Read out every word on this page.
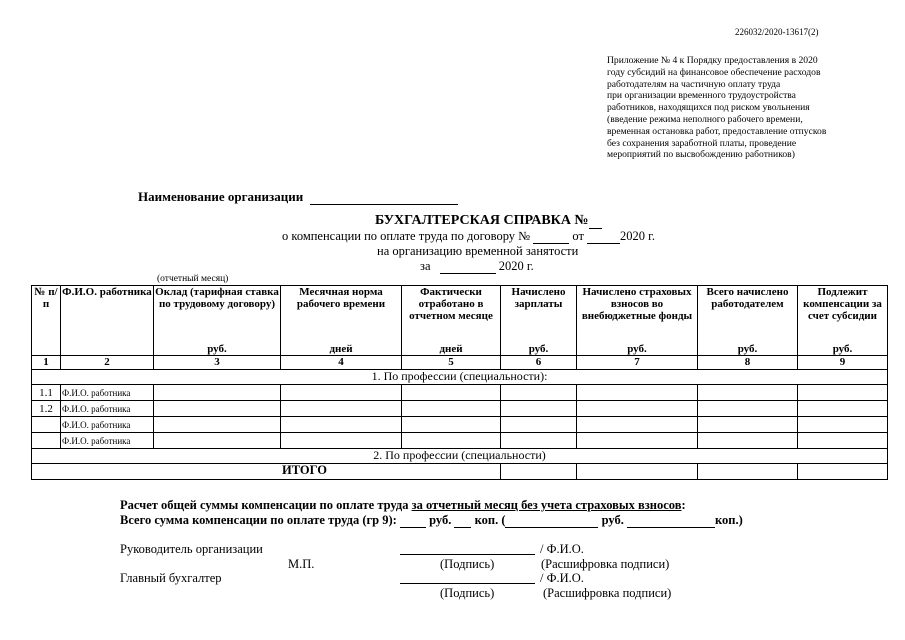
226032/2020-13617(2)
Приложение № 4 к Порядку предоставления в 2020
году субсидий на финансовое обеспечение расходов
работодателям на частичную оплату труда
при организации временного трудоустройства
работников, находящихся под риском увольнения
(введение режима неполного рабочего времени,
временная остановка работ, предоставление отпусков
без сохранения заработной платы, проведение
мероприятий по высвобождению работников)
Наименование организации
БУХГАЛТЕРСКАЯ СПРАВКА №
о компенсации по оплате труда по договору №	от	2020 г.
на организацию временной занятости
за	2020 г.
(отчетный месяц)
№ п/п	Ф.И.О. работника	Оклад (тарифная ставка по трудовому договору)	Месячная норма рабочего времени	Фактически отработано в отчетном месяце	Начислено зарплаты	Начислено страховых взносов во внебюджетные фонды	Всего начислено работодателем	Подлежит компенсации за счет субсидии
		руб.	дней	дней	руб.	руб.	руб.	руб.
1	2	3	4	5	6	7	8	9
1. По профессии (специальности):								
1.1	Ф.И.О. работника							
1.2	Ф.И.О. работника							
	Ф.И.О. работника							
	Ф.И.О. работника							
2. По профессии (специальности)								
ИТОГО								
Расчет общей суммы компенсации по оплате труда за отчетный месяц без учета страховых взносов:
Всего сумма компенсации по оплате труда (гр 9):	руб. коп. (	руб.	коп.)
Руководитель организации	/ Ф.И.О.
М.П.	(Подпись)	(Расшифровка подписи)
Главный бухгалтер	/ Ф.И.О.
(Подпись)	(Расшифровка подписи)
